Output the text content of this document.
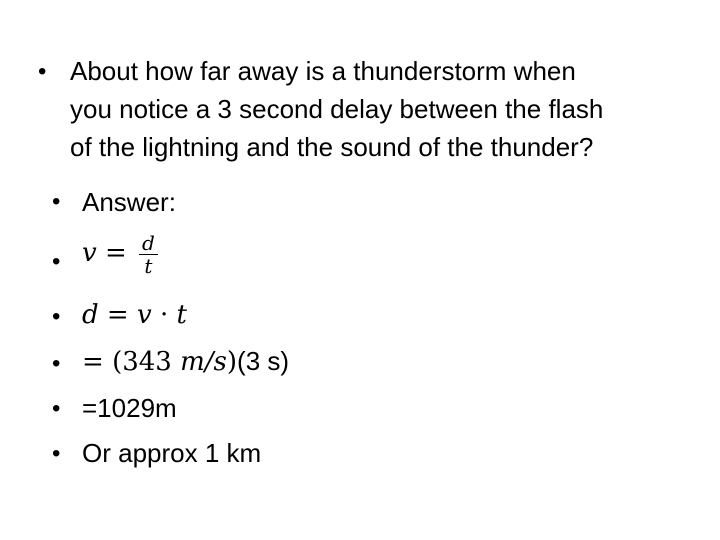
• About how far away is a thunderstorm when
you notice a 3 second delay between the flash
of the lightning and the sound of the thunder?
• Answer:
• $v = \frac{d}{t}$
• d = v · t
• = (343 m/s)(3 s)
• =1029m
• Or approx 1 km
